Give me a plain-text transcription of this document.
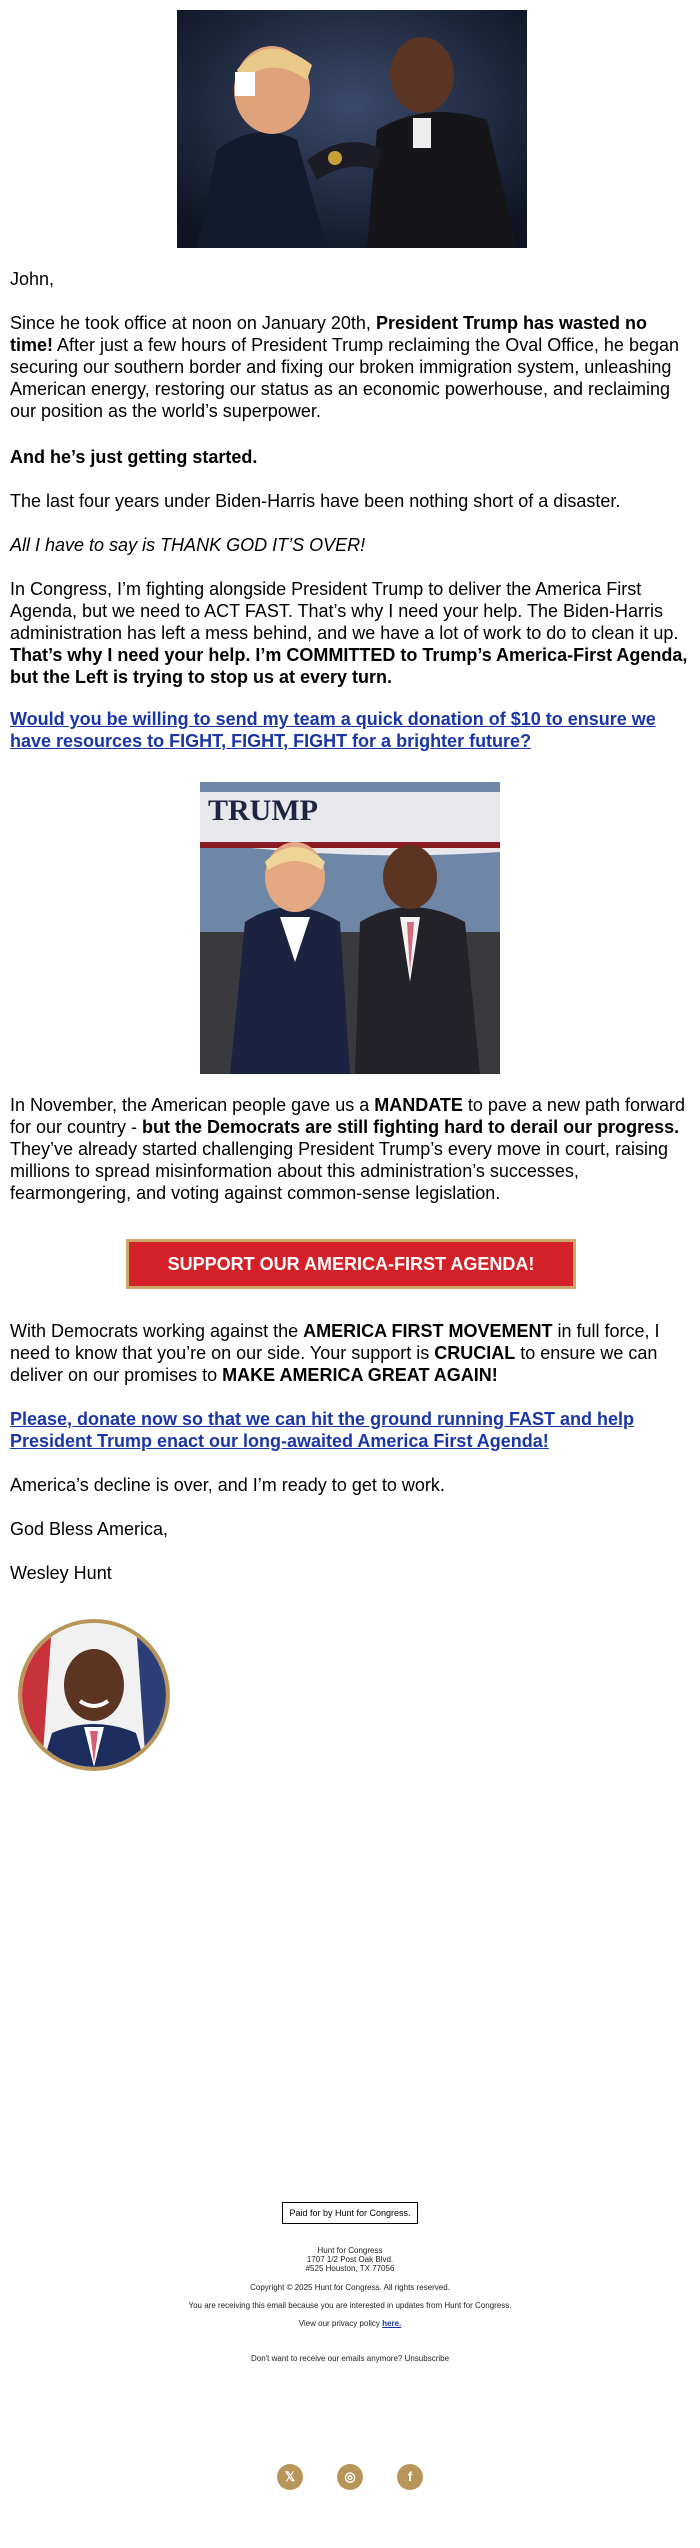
John,
Since he took office at noon on January 20th, President Trump has wasted no time! After just a few hours of President Trump reclaiming the Oval Office, he began securing our southern border and fixing our broken immigration system, unleashing American energy, restoring our status as an economic powerhouse, and reclaiming our position as the world’s superpower.
And he’s just getting started.
The last four years under Biden-Harris have been nothing short of a disaster.
All I have to say is THANK GOD IT’S OVER!
In Congress, I’m fighting alongside President Trump to deliver the America First Agenda, but we need to ACT FAST. That’s why I need your help. The Biden-Harris administration has left a mess behind, and we have a lot of work to do to clean it up. That’s why I need your help. I’m COMMITTED to Trump’s America-First Agenda, but the Left is trying to stop us at every turn.
Would you be willing to send my team a quick donation of $10 to ensure we have resources to FIGHT, FIGHT, FIGHT for a brighter future?
TRUMP
In November, the American people gave us a MANDATE to pave a new path forward for our country - but the Democrats are still fighting hard to derail our progress. They’ve already started challenging President Trump’s every move in court, raising millions to spread misinformation about this administration’s successes, fearmongering, and voting against common-sense legislation.
SUPPORT OUR AMERICA-FIRST AGENDA!
With Democrats working against the AMERICA FIRST MOVEMENT in full force, I need to know that you’re on our side. Your support is CRUCIAL to ensure we can deliver on our promises to MAKE AMERICA GREAT AGAIN!
Please, donate now so that we can hit the ground running FAST and help President Trump enact our long-awaited America First Agenda!
America’s decline is over, and I’m ready to get to work.
God Bless America,
Wesley Hunt
Paid for by Hunt for Congress.
Hunt for Congress
1707 1/2 Post Oak Blvd.
#525 Houston, TX 77056
Copyright © 2025 Hunt for Congress. All rights reserved.
You are receiving this email because you are interested in updates from Hunt for Congress.
View our privacy policy here.
Don't want to receive our emails anymore? Unsubscribe
𝕏	◎	f
